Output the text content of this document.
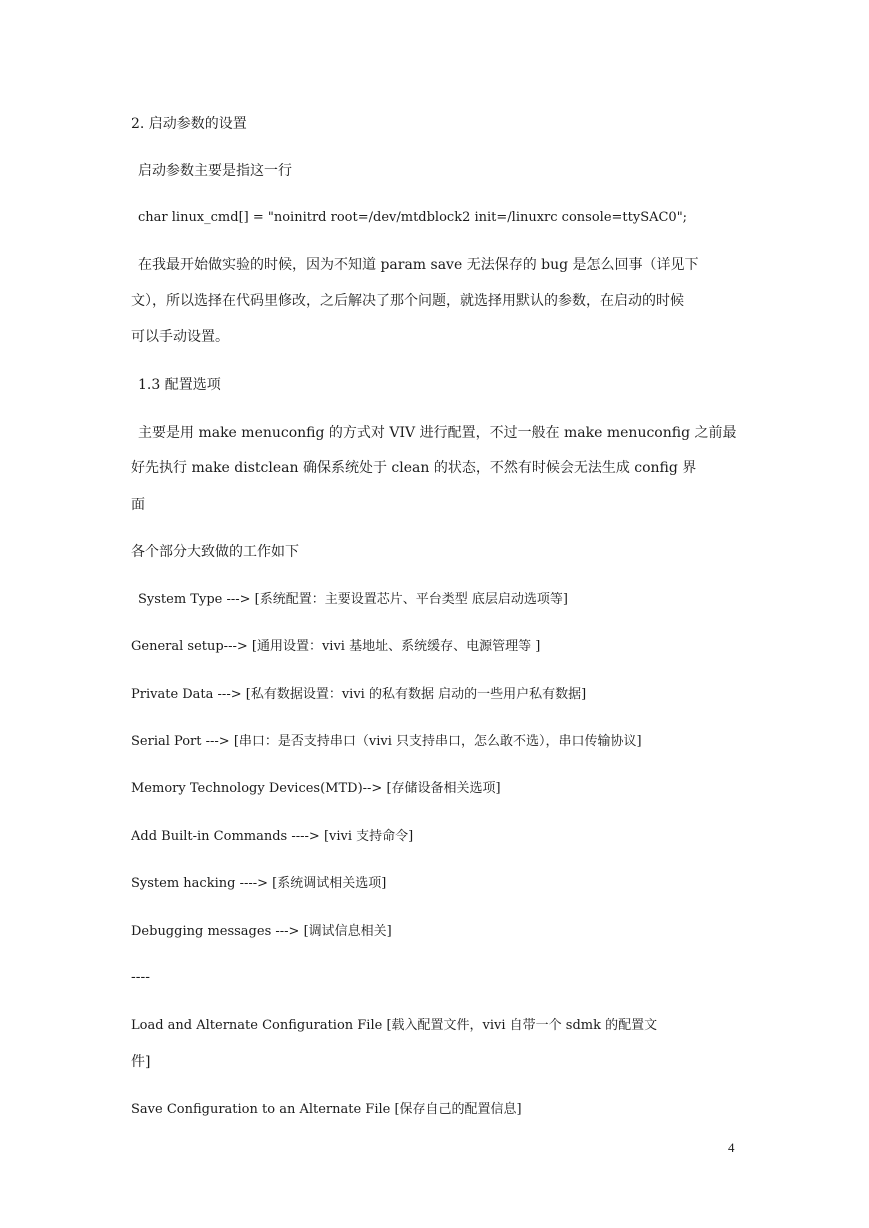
2. 启动参数的设置
启动参数主要是指这一行
char linux_cmd[] = "noinitrd root=/dev/mtdblock2 init=/linuxrc console=ttySAC0";
在我最开始做实验的时候，因为不知道 param save 无法保存的 bug 是怎么回事（详见下
文），所以选择在代码里修改，之后解决了那个问题，就选择用默认的参数，在启动的时候
可以手动设置。
1.3 配置选项
主要是用 make menuconfig 的方式对 VIV 进行配置，不过一般在 make menuconfig 之前最
好先执行 make distclean 确保系统处于 clean 的状态，不然有时候会无法生成 config 界
面
各个部分大致做的工作如下
System Type ---> [系统配置：主要设置芯片、平台类型 底层启动选项等]
General setup---> [通用设置：vivi 基地址、系统缓存、电源管理等 ]
Private Data ---> [私有数据设置：vivi 的私有数据 启动的一些用户私有数据]
Serial Port ---> [串口：是否支持串口（vivi 只支持串口，怎么敢不选），串口传输协议]
Memory Technology Devices(MTD)--> [存储设备相关选项]
Add Built-in Commands ----> [vivi 支持命令]
System hacking ----> [系统调试相关选项]
Debugging messages ---> [调试信息相关]
----
Load and Alternate Configuration File [载入配置文件，vivi 自带一个 sdmk 的配置文
件]
Save Configuration to an Alternate File [保存自己的配置信息]
4
